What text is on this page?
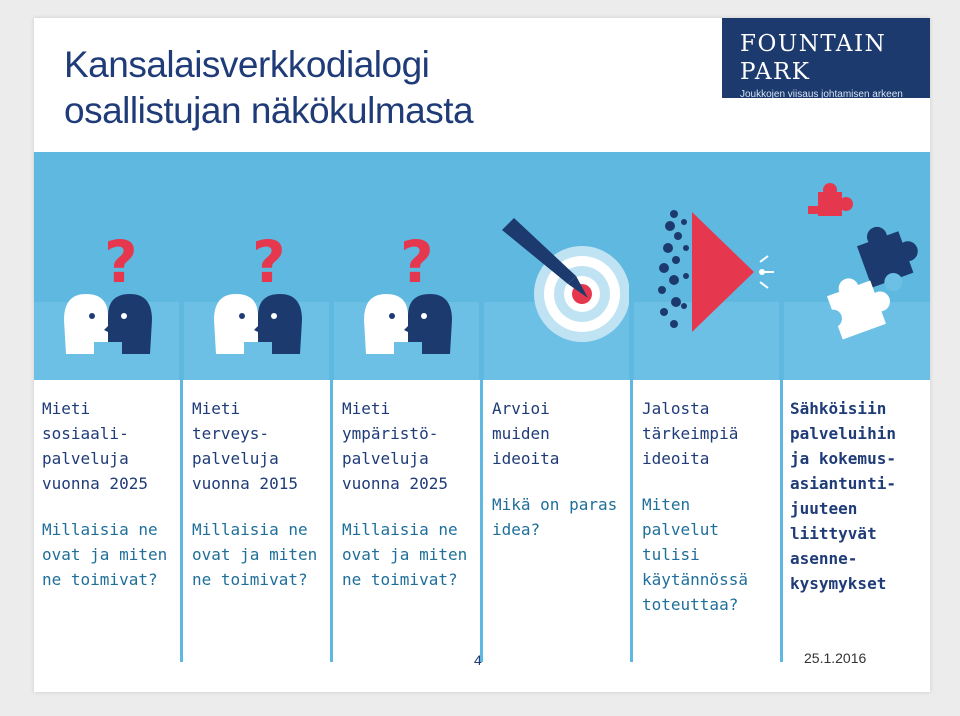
Kansalaisverkkodialogi
osallistujan näkökulmasta
FOUNTAIN PARK
Joukkojen viisaus johtamisen arkeen
? ? ?
Mieti
sosiaali-
palveluja
vuonna 2025
Millaisia ne
ovat ja miten
ne toimivat?
Mieti
terveys-
palveluja
vuonna 2015
Millaisia ne
ovat ja miten
ne toimivat?
Mieti
ympäristö-
palveluja
vuonna 2025
Millaisia ne
ovat ja miten
ne toimivat?
Arvioi
muiden
ideoita
Mikä on paras
idea?
Jalosta
tärkeimpiä
ideoita
Miten
palvelut tulisi
käytännössä
toteuttaa?
Sähköisiin
palveluihin
ja kokemus-
asiantunti-
juuteen
liittyvät
asenne-
kysymykset
4	25.1.2016
